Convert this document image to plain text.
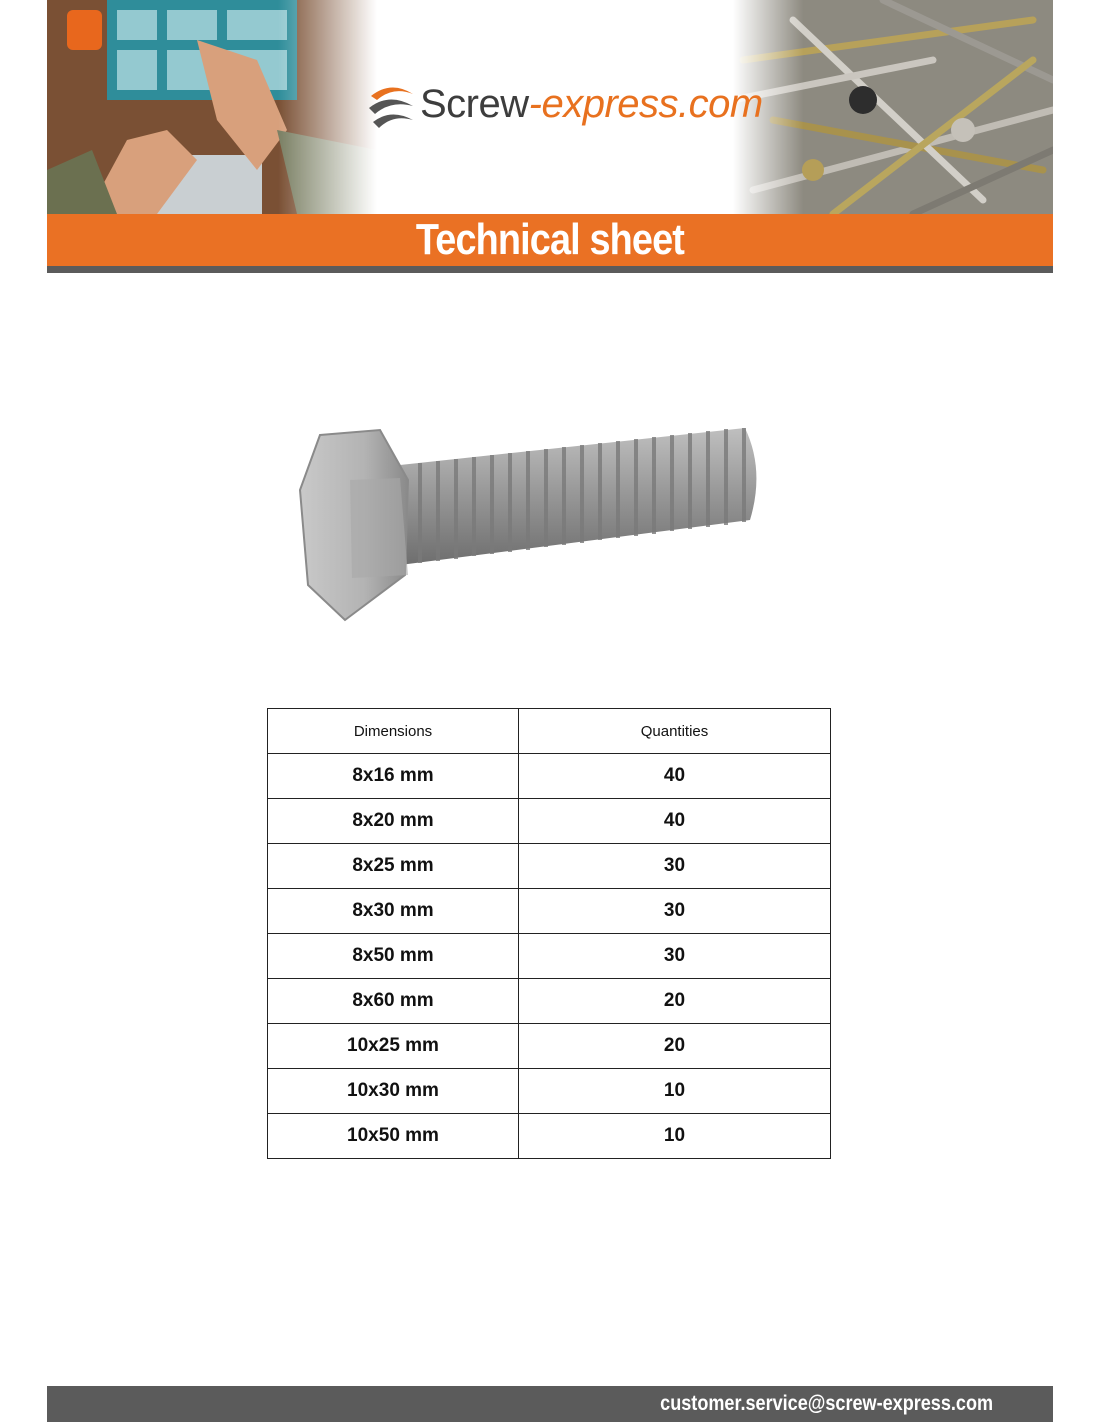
Screw-express.com
Technical sheet
Dimensions	Quantities
8x16 mm	40
8x20 mm	40
8x25 mm	30
8x30 mm	30
8x50 mm	30
8x60 mm	20
10x25 mm	20
10x30 mm	10
10x50 mm	10
customer.service@screw-express.com
